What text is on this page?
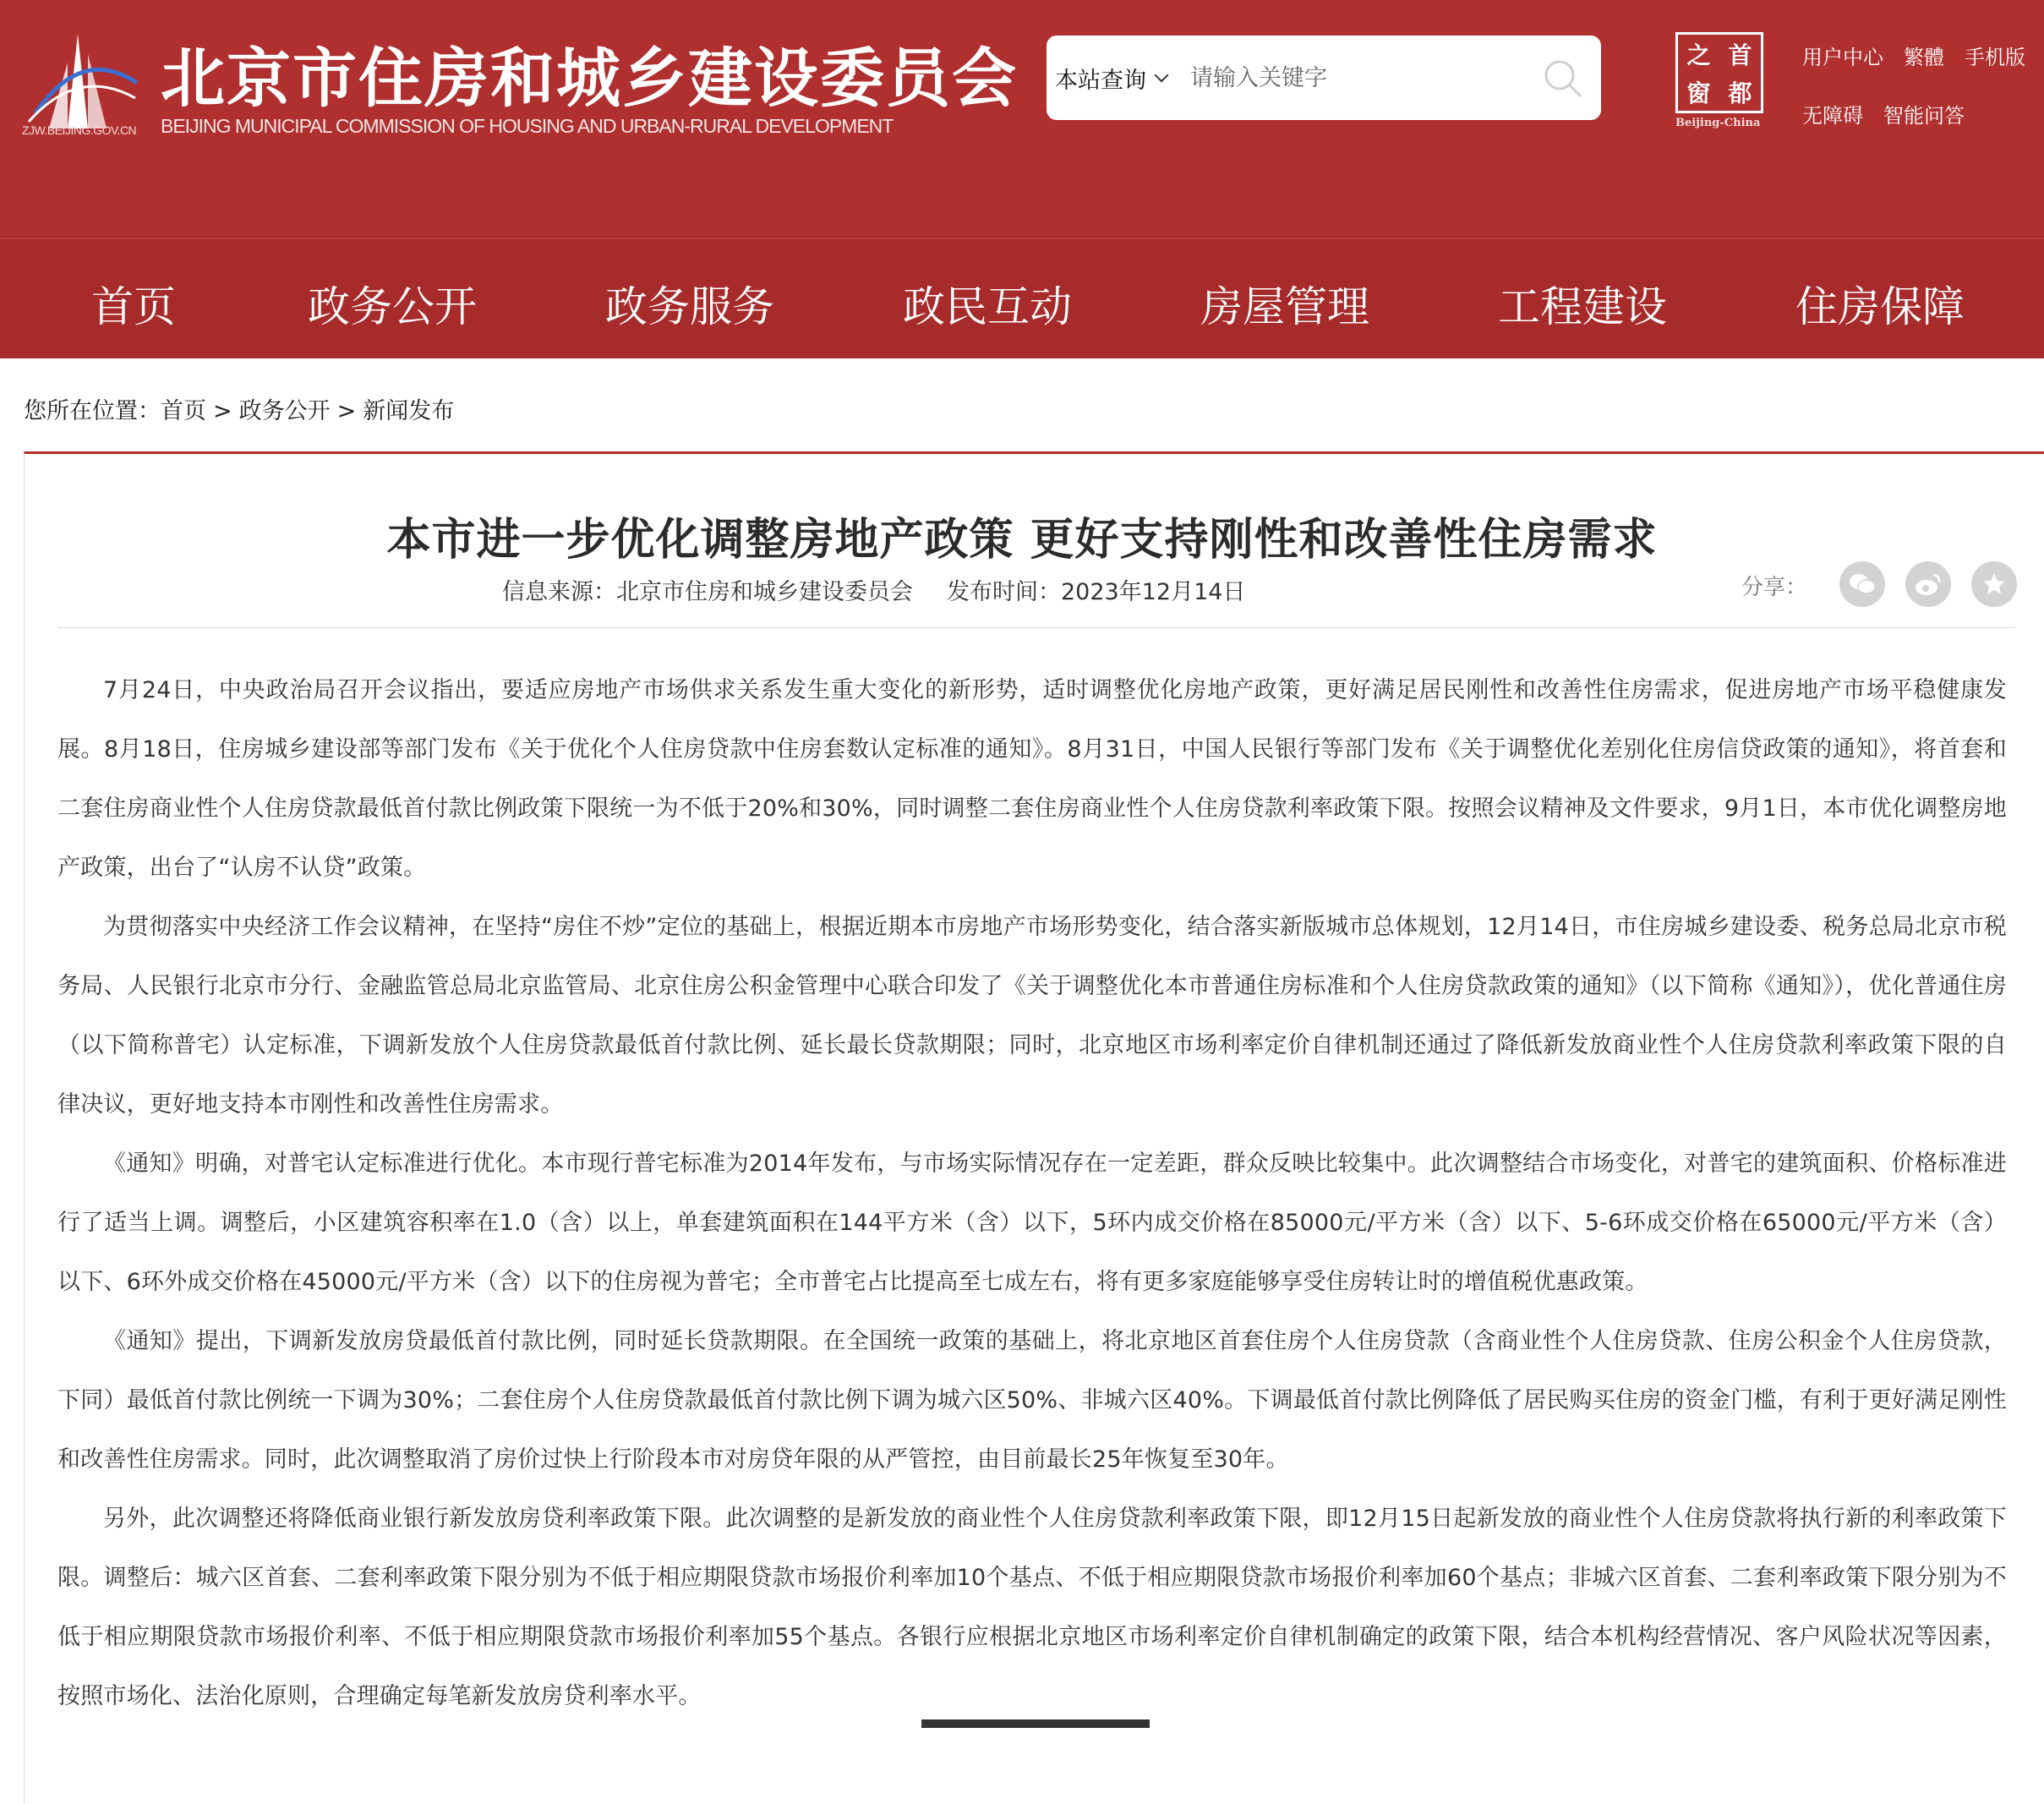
ZJW.BEIJING.GOV.CN
北京市住房和城乡建设委员会
BEIJING MUNICIPAL COMMISSION OF HOUSING AND URBAN-RURAL DEVELOPMENT
本站查询
请输入关键字
之 首
窗 都
Beijing-China
用户中心 繁體 手机版
无障碍 智能问答
首页	政务公开	政务服务	政民互动	房屋管理	工程建设	住房保障
您所在位置：首页 > 政务公开 > 新闻发布
本市进一步优化调整房地产政策 更好支持刚性和改善性住房需求
信息来源：北京市住房和城乡建设委员会 发布时间：2023年12月14日	分享：

7月24日，中央政治局召开会议指出，要适应房地产市场供求关系发生重大变化的新形势，适时调整优化房地产政策，更好满足居民刚性和改善性住房需求，促进房地产市场平稳健康发展。8月18日，住房城乡建设部等部门发布《关于优化个人住房贷款中住房套数认定标准的通知》。8月31日，中国人民银行等部门发布《关于调整优化差别化住房信贷政策的通知》，将首套和二套住房商业性个人住房贷款最低首付款比例政策下限统一为不低于20%和30%，同时调整二套住房商业性个人住房贷款利率政策下限。按照会议精神及文件要求，9月1日，本市优化调整房地产政策，出台了“认房不认贷”政策。

为贯彻落实中央经济工作会议精神，在坚持“房住不炒”定位的基础上，根据近期本市房地产市场形势变化，结合落实新版城市总体规划，12月14日，市住房城乡建设委、税务总局北京市税务局、人民银行北京市分行、金融监管总局北京监管局、北京住房公积金管理中心联合印发了《关于调整优化本市普通住房标准和个人住房贷款政策的通知》（以下简称《通知》），优化普通住房（以下简称普宅）认定标准，下调新发放个人住房贷款最低首付款比例、延长最长贷款期限；同时，北京地区市场利率定价自律机制还通过了降低新发放商业性个人住房贷款利率政策下限的自律决议，更好地支持本市刚性和改善性住房需求。

《通知》明确，对普宅认定标准进行优化。本市现行普宅标准为2014年发布，与市场实际情况存在一定差距，群众反映比较集中。此次调整结合市场变化，对普宅的建筑面积、价格标准进行了适当上调。调整后，小区建筑容积率在1.0（含）以上，单套建筑面积在144平方米（含）以下，5环内成交价格在85000元/平方米（含）以下、5-6环成交价格在65000元/平方米（含）以下、6环外成交价格在45000元/平方米（含）以下的住房视为普宅；全市普宅占比提高至七成左右，将有更多家庭能够享受住房转让时的增值税优惠政策。

《通知》提出，下调新发放房贷最低首付款比例，同时延长贷款期限。在全国统一政策的基础上，将北京地区首套住房个人住房贷款（含商业性个人住房贷款、住房公积金个人住房贷款，下同）最低首付款比例统一下调为30%；二套住房个人住房贷款最低首付款比例下调为城六区50%、非城六区40%。下调最低首付款比例降低了居民购买住房的资金门槛，有利于更好满足刚性和改善性住房需求。同时，此次调整取消了房价过快上行阶段本市对房贷年限的从严管控，由目前最长25年恢复至30年。

另外，此次调整还将降低商业银行新发放房贷利率政策下限。此次调整的是新发放的商业性个人住房贷款利率政策下限，即12月15日起新发放的商业性个人住房贷款将执行新的利率政策下限。调整后：城六区首套、二套利率政策下限分别为不低于相应期限贷款市场报价利率加10个基点、不低于相应期限贷款市场报价利率加60个基点；非城六区首套、二套利率政策下限分别为不低于相应期限贷款市场报价利率、不低于相应期限贷款市场报价利率加55个基点。各银行应根据北京地区市场利率定价自律机制确定的政策下限，结合本机构经营情况、客户风险状况等因素，按照市场化、法治化原则，合理确定每笔新发放房贷利率水平。
